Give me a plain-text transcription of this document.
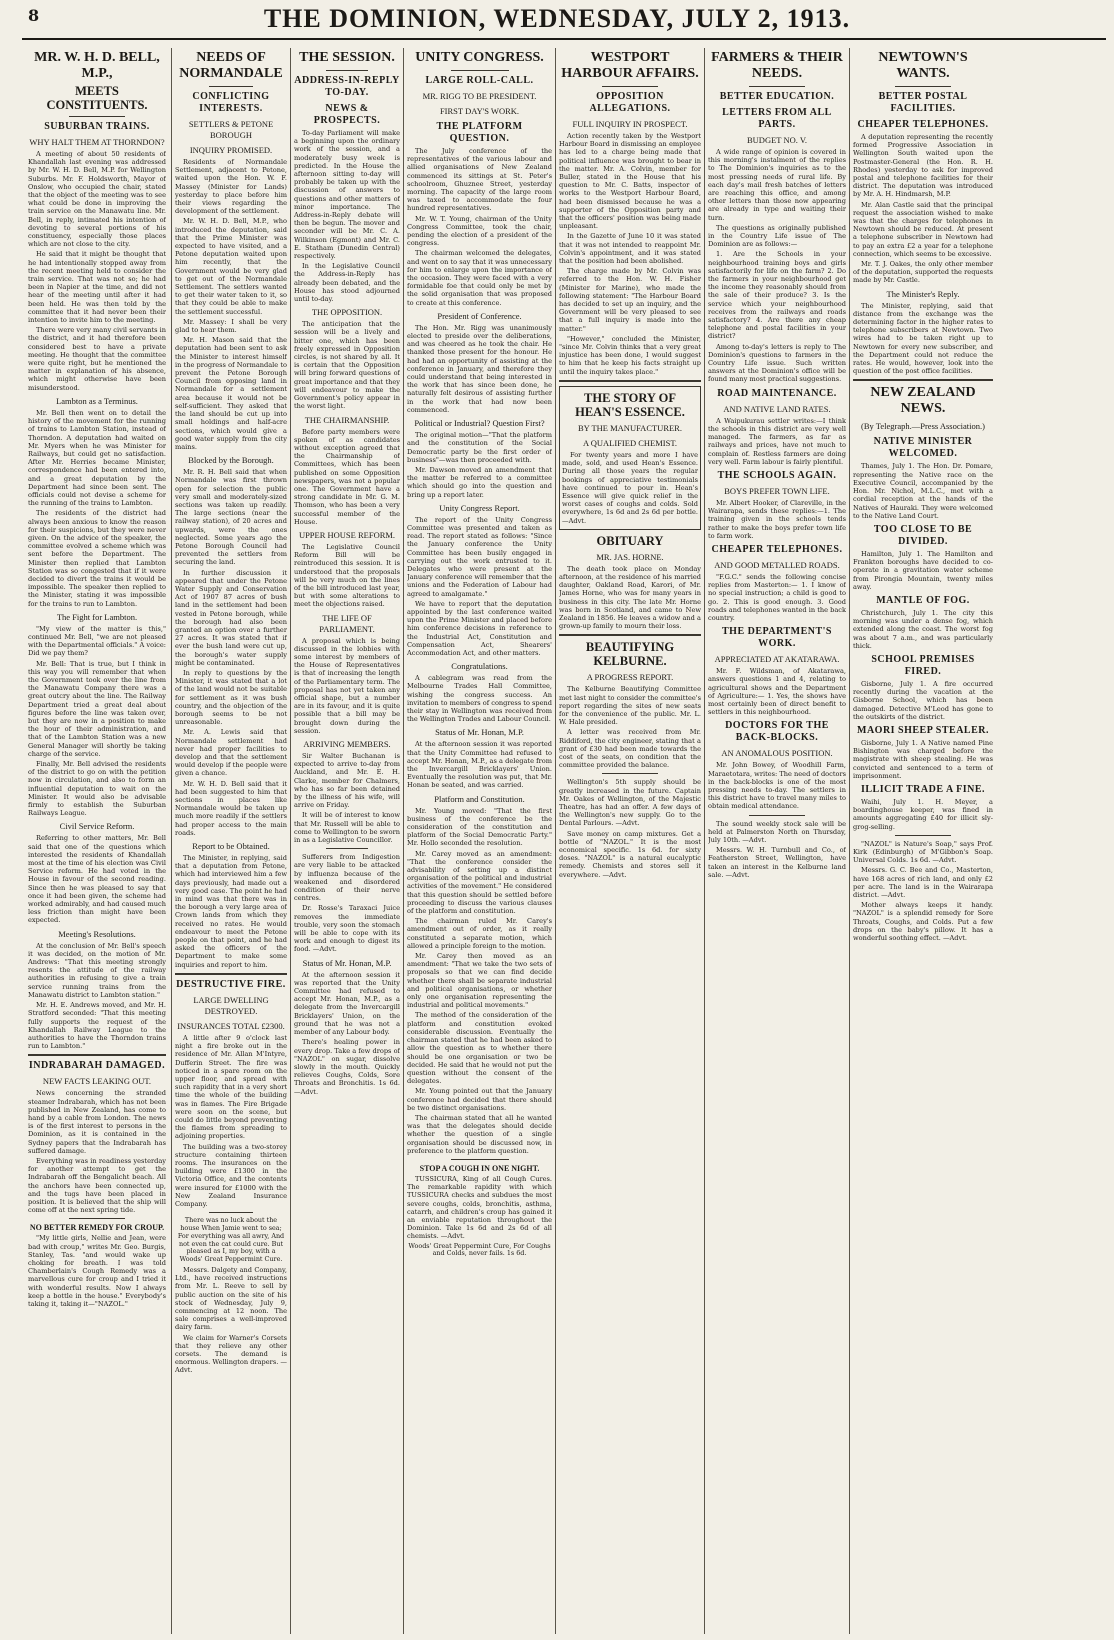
8	THE DOMINION, WEDNESDAY, JULY 2, 1913.
MR. W. H. D. BELL, M.P.,
MEETS CONSTITUENTS.
SUBURBAN TRAINS.
WHY HALT THEM AT THORNDON?

A meeting of about 50 residents of Khandallah last evening was addressed by Mr. W. H. D. Bell, M.P. for Wellington Suburbs. Mr. F. Holdsworth, Mayor of Onslow, who occupied the chair, stated that the object of the meeting was to see what could be done in improving the train service on the Manawatu line. Mr. Bell, in reply, intimated his intention of devoting to several portions of his constituency, especially those places which are not close to the city.

He said that it might be thought that he had intentionally stopped away from the recent meeting held to consider the train service. That was not so; he had been in Napier at the time, and did not hear of the meeting until after it had been held. He was then told by the committee that it had never been their intention to invite him to the meeting.

There were very many civil servants in the district, and it had therefore been considered best to have a private meeting. He thought that the committee were quite right, but he mentioned the matter in explanation of his absence, which might otherwise have been misunderstood.

Lambton as a Terminus.

Mr. Bell then went on to detail the history of the movement for the running of trains to Lambton Station, instead of Thorndon. A deputation had waited on Mr. Myers when he was Minister for Railways, but could get no satisfaction. After Mr. Herries became Minister, correspondence had been entered into, and a great deputation by the Department had since been sent. The officials could not devise a scheme for the running of the trains to Lambton.

The residents of the district had always been anxious to know the reason for their suspicions, but they were never given. On the advice of the speaker, the committee evolved a scheme which was sent before the Department. The Minister then replied that Lambton Station was so congested that if it were decided to divert the trains it would be impossible. The speaker then replied to the Minister, stating it was impossible for the trains to run to Lambton.

The Fight for Lambton.

"My view of the matter is this," continued Mr. Bell, "we are not pleased with the Departmental officials." A voice: Did we pay them?

Mr. Bell: That is true, but I think in this way you will remember that when the Government took over the line from the Manawatu Company there was a great outcry about the line. The Railway Department tried a great deal about figures before the line was taken over, but they are now in a position to make the hour of their administration, and that of the Lambton Station was a new General Manager will shortly be taking charge of the service.

Finally, Mr. Bell advised the residents of the district to go on with the petition now in circulation, and also to form an influential deputation to wait on the Minister. It would also be advisable firmly to establish the Suburban Railways League.

Civil Service Reform.

Referring to other matters, Mr. Bell said that one of the questions which interested the residents of Khandallah most at the time of his election was Civil Service reform. He had voted in the House in favour of the second reading. Since then he was pleased to say that once it had been given, the scheme had worked admirably, and had caused much less friction than might have been expected.

Meeting's Resolutions.

At the conclusion of Mr. Bell's speech it was decided, on the motion of Mr. Andrews: "That this meeting strongly resents the attitude of the railway authorities in refusing to give a train service running trains from the Manawatu district to Lambton station."

Mr. H. E. Andrews moved, and Mr. H. Stratford seconded: "That this meeting fully supports the request of the Khandallah Railway League to the authorities to have the Thorndon trains run to Lambton."

INDRABARAH DAMAGED.
NEW FACTS LEAKING OUT.

News concerning the stranded steamer Indrabarah, which has not been published in New Zealand, has come to hand by a cable from London. The news is of the first interest to persons in the Dominion, as it is contained in the Sydney papers that the Indrabarah has suffered damage.

Everything was in readiness yesterday for another attempt to get the Indrabarah off the Bengalicht beach. All the anchors have been connected up, and the tugs have been placed in position. It is believed that the ship will come off at the next spring tide.

NO BETTER REMEDY FOR CROUP.

"My little girls, Nellie and Jean, were bad with croup," writes Mr. Geo. Burgis, Stanley, Tas. "and would wake up choking for breath. I was told Chamberlain's Cough Remedy was a marvellous cure for croup and I tried it with wonderful results. Now I always keep a bottle in the house." Everybody's taking it, taking it—"NAZOL."

NEEDS OF NORMANDALE
CONFLICTING INTERESTS.
SETTLERS & PETONE BOROUGH
INQUIRY PROMISED.

Residents of Normandale Settlement, adjacent to Petone, waited upon the Hon. W. F. Massey (Minister for Lands) yesterday to place before him their views regarding the development of the settlement.

Mr. W. H. D. Bell, M.P., who introduced the deputation, said that the Prime Minister was expected to have visited, and a Petone deputation waited upon him recently, that the Government would be very glad to get out of the Normandale Settlement. The settlers wanted to get their water taken to it, so that they could be able to make the settlement successful.

Mr. Massey: I shall be very glad to hear them.

Mr. H. Mason said that the deputation had been sent to ask the Minister to interest himself in the progress of Normandale to prevent the Petone Borough Council from opposing land in Normandale for a settlement area because it would not be self-sufficient. They asked that the land should be cut up into small holdings and half-acre sections, which would give a good water supply from the city mains.

Blocked by the Borough.

Mr. R. H. Bell said that when Normandale was first thrown open for selection the public very small and moderately-sized sections was taken up readily. The large sections (near the railway station), of 20 acres and upwards, were the ones neglected. Some years ago the Petone Borough Council had prevented the settlers from securing the land.

In further discussion it appeared that under the Petone Water Supply and Conservation Act of 1907 87 acres of bush land in the settlement had been vested in Petone borough, while the borough had also been granted an option over a further 27 acres. It was stated that if ever the bush land were cut up, the borough's water supply might be contaminated.

In reply to questions by the Minister, it was stated that a lot of the land would not be suitable for settlement as it was bush country, and the objection of the borough seems to be not unreasonable.

Mr. A. Lewis said that Normandale settlement had never had proper facilities to develop and that the settlement would develop if the people were given a chance.

Mr. W. H. D. Bell said that it had been suggested to him that sections in places like Normandale would be taken up much more readily if the settlers had proper access to the main roads.

Report to be Obtained.

The Minister, in replying, said that a deputation from Petone, which had interviewed him a few days previously, had made out a very good case. The point he had in mind was that there was in the borough a very large area of Crown lands from which they received no rates. He would endeavour to meet the Petone people on that point, and he had asked the officers of the Department to make some inquiries and report to him.

DESTRUCTIVE FIRE.
LARGE DWELLING DESTROYED.
INSURANCES TOTAL £2300.

A little after 9 o'clock last night a fire broke out in the residence of Mr. Allan M'Intyre, Dufferin Street. The fire was noticed in a spare room on the upper floor, and spread with such rapidity that in a very short time the whole of the building was in flames. The Fire Brigade were soon on the scene, but could do little beyond preventing the flames from spreading to adjoining properties.

The building was a two-storey structure containing thirteen rooms. The insurances on the building were £1300 in the Victoria Office, and the contents were insured for £1000 with the New Zealand Insurance Company.

There was no luck about the house When Jamie went to sea; For everything was all awry, And not even the cat could cure. But pleased as I, my boy, with a Woods' Great Peppermint Cure.

Messrs. Dalgety and Company, Ltd., have received instructions from Mr. L. Reeve to sell by public auction on the site of his stock of Wednesday, July 9, commencing at 12 noon. The sale comprises a well-improved dairy farm.

We claim for Warner's Corsets that they relieve any other corsets. The demand is enormous. Wellington drapers. —Advt.

THE SESSION.
ADDRESS-IN-REPLY TO-DAY.
NEWS & PROSPECTS.

To-day Parliament will make a beginning upon the ordinary work of the session, and a moderately busy week is predicted. In the House the afternoon sitting to-day will probably be taken up with the discussion of answers to questions and other matters of minor importance. The Address-in-Reply debate will then be begun. The mover and seconder will be Mr. C. A. Wilkinson (Egmont) and Mr. C. E. Statham (Dunedin Central) respectively.

In the Legislative Council the Address-in-Reply has already been debated, and the House has stood adjourned until to-day.

THE OPPOSITION.

The anticipation that the session will be a lively and bitter one, which has been freely expressed in Opposition circles, is not shared by all. It is certain that the Opposition will bring forward questions of great importance and that they will endeavour to make the Government's policy appear in the worst light.

THE CHAIRMANSHIP.

Before party members were spoken of as candidates without exception agreed that the Chairmanship of Committees, which has been published on some Opposition newspapers, was not a popular one. The Government have a strong candidate in Mr. G. M. Thomson, who has been a very successful member of the House.

UPPER HOUSE REFORM.

The Legislative Council Reform Bill will be reintroduced this session. It is understood that the proposals will be very much on the lines of the bill introduced last year, but with some alterations to meet the objections raised.

THE LIFE OF PARLIAMENT.

A proposal which is being discussed in the lobbies with some interest by members of the House of Representatives is that of increasing the length of the Parliamentary term. The proposal has not yet taken any official shape, but a number are in its favour, and it is quite possible that a bill may be brought down during the session.

ARRIVING MEMBERS.

Sir Walter Buchanan is expected to arrive to-day from Auckland, and Mr. E. H. Clarke, member for Chalmers, who has so far been detained by the illness of his wife, will arrive on Friday.

It will be of interest to know that Mr. Russell will be able to come to Wellington to be sworn in as a Legislative Councillor.

Sufferers from Indigestion are very liable to be attacked by influenza because of the weakened and disordered condition of their nerve centres.

Dr. Rosse's Taraxaci Juice removes the immediate trouble, very soon the stomach will be able to cope with its work and enough to digest its food. —Advt.

Status of Mr. Honan, M.P.

At the afternoon session it was reported that the Unity Committee had refused to accept Mr. Honan, M.P., as a delegate from the Invercargill Bricklayers' Union, on the ground that he was not a member of any Labour body.

There's healing power in every drop. Take a few drops of "NAZOL" on sugar, dissolve slowly in the mouth. Quickly relieves Coughs, Colds, Sore Throats and Bronchitis. 1s 6d. —Advt.

UNITY CONGRESS.
LARGE ROLL-CALL.
MR. RIGG TO BE PRESIDENT.
FIRST DAY'S WORK.
THE PLATFORM QUESTION.

The July conference of the representatives of the various labour and allied organisations of New Zealand commenced its sittings at St. Peter's schoolroom, Ghuznee Street, yesterday morning. The capacity of the large room was taxed to accommodate the four hundred representatives.

Mr. W. T. Young, chairman of the Unity Congress Committee, took the chair, pending the election of a president of the congress.

The chairman welcomed the delegates, and went on to say that it was unnecessary for him to enlarge upon the importance of the occasion. They were faced with a very formidable foe that could only be met by the solid organisation that was proposed to create at this conference.

President of Conference.

The Hon. Mr. Rigg was unanimously elected to preside over the deliberations, and was cheered as he took the chair. He thanked those present for the honour. He had had an opportunity of assisting at the conference in January, and therefore they could understand that being interested in the work that has since been done, he naturally felt desirous of assisting further in the work that had now been commenced.

Political or Industrial? Question First?

The original motion—"That the platform and the constitution of the Social Democratic party be the first order of business"—was then proceeded with.

Mr. Dawson moved an amendment that the matter be referred to a committee which should go into the question and bring up a report later.

Unity Congress Report.

The report of the Unity Congress Committee was presented and taken as read. The report stated as follows: "Since the January conference the Unity Committee has been busily engaged in carrying out the work entrusted to it. Delegates who were present at the January conference will remember that the unions and the Federation of Labour had agreed to amalgamate."

We have to report that the deputation appointed by the last conference waited upon the Prime Minister and placed before him conference decisions in reference to the Industrial Act, Constitution and Compensation Act, Shearers' Accommodation Act, and other matters.

Congratulations.

A cablegram was read from the Melbourne Trades Hall Committee, wishing the congress success. An invitation to members of congress to spend their stay in Wellington was received from the Wellington Trades and Labour Council.

Status of Mr. Honan, M.P.

At the afternoon session it was reported that the Unity Committee had refused to accept Mr. Honan, M.P., as a delegate from the Invercargill Bricklayers' Union. Eventually the resolution was put, that Mr. Honan be seated, and was carried.

Platform and Constitution.

Mr. Young moved: "That the first business of the conference be the consideration of the constitution and platform of the Social Democratic Party." Mr. Hollo seconded the resolution.

Mr. Carey moved as an amendment: "That the conference consider the advisability of setting up a distinct organisation of the political and industrial activities of the movement." He considered that this question should be settled before proceeding to discuss the various clauses of the platform and constitution.

The chairman ruled Mr. Carey's amendment out of order, as it really constituted a separate motion, which allowed a principle foreign to the motion.

Mr. Carey then moved as an amendment: "That we take the two sets of proposals so that we can find decide whether there shall be separate industrial and political organisations, or whether only one organisation representing the industrial and political movements."

The method of the consideration of the platform and constitution evoked considerable discussion. Eventually the chairman stated that he had been asked to allow the question as to whether there should be one organisation or two be decided. He said that he would not put the question without the consent of the delegates.

Mr. Young pointed out that the January conference had decided that there should be two distinct organisations.

The chairman stated that all he wanted was that the delegates should decide whether the question of a single organisation should be discussed now, in preference to the platform question.

STOP A COUGH IN ONE NIGHT.

TUSSICURA, King of all Cough Cures. The remarkable rapidity with which TUSSICURA checks and subdues the most severe coughs, colds, bronchitis, asthma, catarrh, and children's croup has gained it an enviable reputation throughout the Dominion. Take 1s 6d and 2s 6d of all chemists. —Advt.

Woods' Great Peppermint Cure, For Coughs and Colds, never fails. 1s 6d.

WESTPORT HARBOUR AFFAIRS.
OPPOSITION ALLEGATIONS.
FULL INQUIRY IN PROSPECT.

Action recently taken by the Westport Harbour Board in dismissing an employee has led to a charge being made that political influence was brought to bear in the matter. Mr. A. Colvin, member for Buller, stated in the House that his question to Mr. C. Batts, inspector of works to the Westport Harbour Board, had been dismissed because he was a supporter of the Opposition party and that the officers' position was being made unpleasant.

In the Gazette of June 10 it was stated that it was not intended to reappoint Mr. Colvin's appointment, and it was stated that the position had been abolished.

The charge made by Mr. Colvin was referred to the Hon. W. H. Fisher (Minister for Marine), who made the following statement: "The Harbour Board has decided to set up an inquiry, and the Government will be very pleased to see that a full inquiry is made into the matter."

"However," concluded the Minister, "since Mr. Colvin thinks that a very great injustice has been done, I would suggest to him that he keep his facts straight up until the inquiry takes place."

THE STORY OF HEAN'S ESSENCE.
BY THE MANUFACTURER.
A QUALIFIED CHEMIST.

For twenty years and more I have made, sold, and used Hean's Essence. During all those years the regular bookings of appreciative testimonials have continued to pour in. Hean's Essence will give quick relief in the worst cases of coughs and colds. Sold everywhere, 1s 6d and 2s 6d per bottle. —Advt.

OBITUARY
MR. JAS. HORNE.

The death took place on Monday afternoon, at the residence of his married daughter, Oakland Road, Karori, of Mr. James Horne, who was for many years in business in this city. The late Mr. Horne was born in Scotland, and came to New Zealand in 1856. He leaves a widow and a grown-up family to mourn their loss.

BEAUTIFYING KELBURNE.
A PROGRESS REPORT.

The Kelburne Beautifying Committee met last night to consider the committee's report regarding the sites of new seats for the convenience of the public. Mr. L. W. Hale presided.

A letter was received from Mr. Riddiford, the city engineer, stating that a grant of £30 had been made towards the cost of the seats, on condition that the committee provided the balance.

Wellington's 5th supply should be greatly increased in the future. Captain Mr. Oakes of Wellington, of the Majestic Theatre, has had an offer. A few days of the Wellington's new supply. Go to the Dental Parlours. —Advt.

Save money on camp mixtures. Get a bottle of "NAZOL." It is the most economical specific. 1s 6d. for sixty doses. "NAZOL" is a natural eucalyptic remedy. Chemists and stores sell it everywhere. —Advt.

FARMERS & THEIR NEEDS.
BETTER EDUCATION.
LETTERS FROM ALL PARTS.
BUDGET NO. V.

A wide range of opinion is covered in this morning's instalment of the replies to The Dominion's inquiries as to the most pressing needs of rural life. By each day's mail fresh batches of letters are reaching this office, and among other letters than those now appearing are already in type and waiting their turn.

The questions as originally published in the Country Life issue of The Dominion are as follows:—

1. Are the Schools in your neighbourhood training boys and girls satisfactorily for life on the farm? 2. Do the farmers in your neighbourhood get the income they reasonably should from the sale of their produce? 3. Is the service which your neighbourhood receives from the railways and roads satisfactory? 4. Are there any cheap telephone and postal facilities in your district?

Among to-day's letters is reply to The Dominion's questions to farmers in the Country Life issue. Such written answers at the Dominion's office will be found many most practical suggestions.

ROAD MAINTENANCE.
AND NATIVE LAND RATES.

A Waipukurau settler writes:—I think the schools in this district are very well managed. The farmers, as far as railways and prices, have not much to complain of. Restless farmers are doing very well. Farm labour is fairly plentiful.

THE SCHOOLS AGAIN.
BOYS PREFER TOWN LIFE.

Mr. Albert Hooker, of Clareville, in the Wairarapa, sends these replies:—1. The training given in the schools tends rather to make the boys prefer town life to farm work.

CHEAPER TELEPHONES.
AND GOOD METALLED ROADS.

"F.G.C." sends the following concise replies from Masterton:— 1. I know of no special instruction; a child is good to go. 2. This is good enough. 3. Good roads and telephones wanted in the back country.

THE DEPARTMENT'S WORK.
APPRECIATED AT AKATARAWA.

Mr. F. Wildsman, of Akatarawa, answers questions 1 and 4, relating to agricultural shows and the Department of Agriculture:— 1. Yes, the shows have most certainly been of direct benefit to settlers in this neighbourhood.

DOCTORS FOR THE BACK-BLOCKS.
AN ANOMALOUS POSITION.

Mr. John Bowey, of Woodhill Farm, Maraetotara, writes: The need of doctors in the back-blocks is one of the most pressing needs to-day. The settlers in this district have to travel many miles to obtain medical attendance.

The sound weekly stock sale will be held at Palmerston North on Thursday, July 10th. —Advt.

Messrs. W. H. Turnbull and Co., of Featherston Street, Wellington, have taken an interest in the Kelburne land sale. —Advt.

NEWTOWN'S WANTS.
BETTER POSTAL FACILITIES.
CHEAPER TELEPHONES.

A deputation representing the recently formed Progressive Association in Wellington South waited upon the Postmaster-General (the Hon. R. H. Rhodes) yesterday to ask for improved postal and telephone facilities for their district. The deputation was introduced by Mr. A. H. Hindmarsh, M.P.

Mr. Alan Castle said that the principal request the association wished to make was that the charges for telephones in Newtown should be reduced. At present a telephone subscriber in Newtown had to pay an extra £2 a year for a telephone connection, which seems to be excessive.

Mr. T. J. Oakes, the only other member of the deputation, supported the requests made by Mr. Castle.

The Minister's Reply.

The Minister, replying, said that distance from the exchange was the determining factor in the higher rates to telephone subscribers at Newtown. Two wires had to be taken right up to Newtown for every new subscriber, and the Department could not reduce the rates. He would, however, look into the question of the post office facilities.

NEW ZEALAND NEWS.
(By Telegraph.—Press Association.)
NATIVE MINISTER WELCOMED.

Thames, July 1. The Hon. Dr. Pomare, representing the Native race on the Executive Council, accompanied by the Hon. Mr. Nichol, M.L.C., met with a cordial reception at the hands of the Natives of Hauraki. They were welcomed to the Native Land Court.

TOO CLOSE TO BE DIVIDED.

Hamilton, July 1. The Hamilton and Frankton boroughs have decided to co-operate in a gravitation water scheme from Pirongia Mountain, twenty miles away.

MANTLE OF FOG.

Christchurch, July 1. The city this morning was under a dense fog, which extended along the coast. The worst fog was about 7 a.m., and was particularly thick.

SCHOOL PREMISES FIRED.

Gisborne, July 1. A fire occurred recently during the vacation at the Gisborne School, which has been damaged. Detective M'Leod has gone to the outskirts of the district.

MAORI SHEEP STEALER.

Gisborne, July 1. A Native named Pine Bishington was charged before the magistrate with sheep stealing. He was convicted and sentenced to a term of imprisonment.

ILLICIT TRADE A FINE.

Waihi, July 1. H. Meyer, a boardinghouse keeper, was fined in amounts aggregating £40 for illicit sly-grog-selling.

"NAZOL" is Nature's Soap," says Prof. Kirk (Edinburgh) of M'Gibbon's Soap. Universal Colds. 1s 6d. —Advt.

Messrs. G. C. Bee and Co., Masterton, have 168 acres of rich land, and only £2 per acre. The land is in the Wairarapa district. —Advt.

Mother always keeps it handy. "NAZOL" is a splendid remedy for Sore Throats, Coughs, and Colds. Put a few drops on the baby's pillow. It has a wonderful soothing effect. —Advt.
